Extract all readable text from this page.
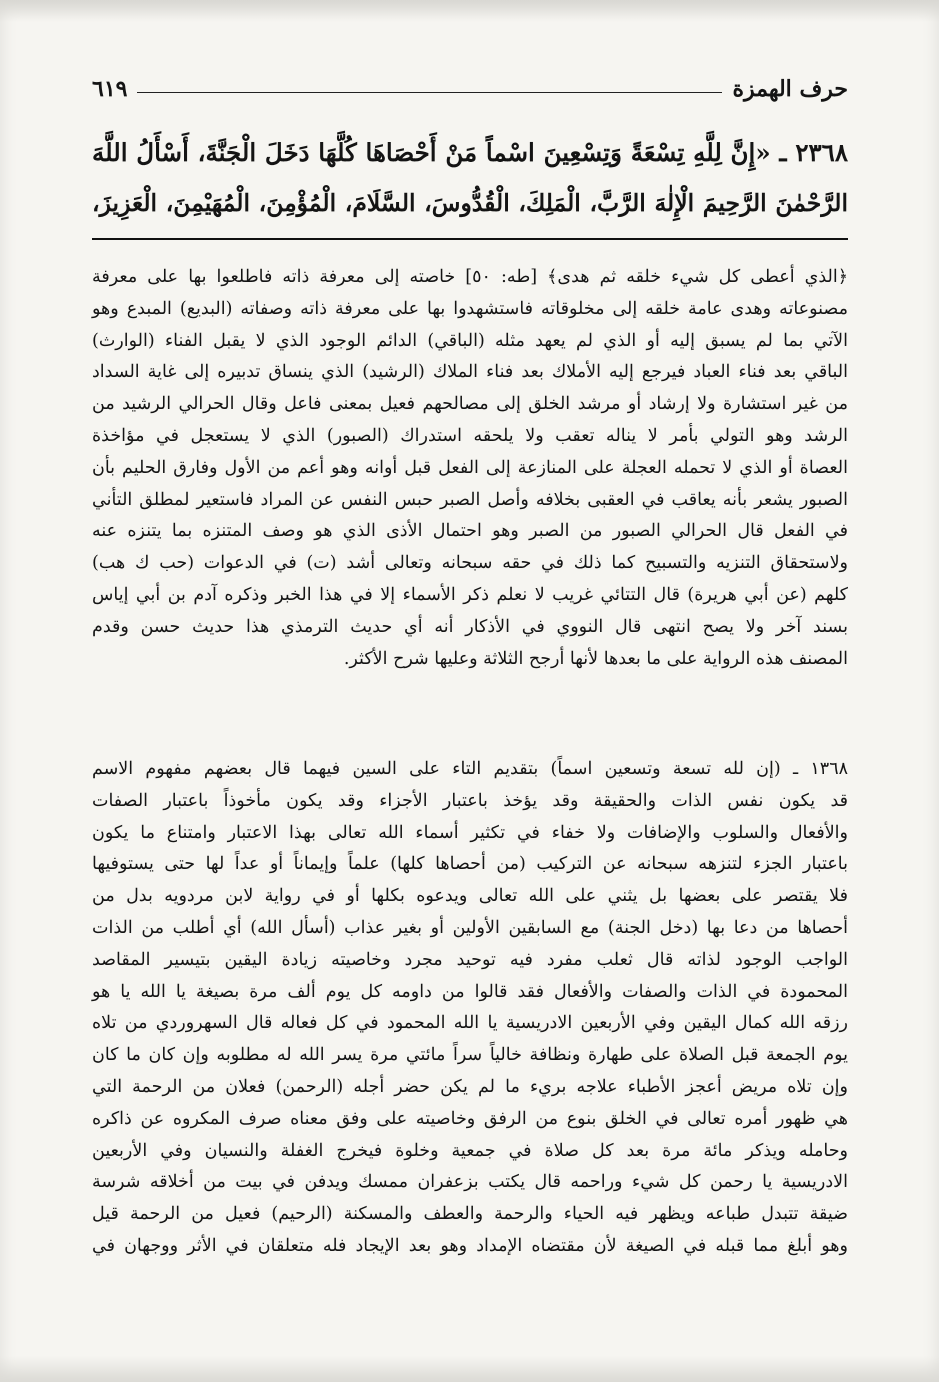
حرف الهمزة
٦١٩

٢٣٦٨ ـ «إِنَّ لِلَّهِ تِسْعَةً وَتِسْعِينَ اسْماً مَنْ أَحْصَاهَا كُلَّهَا دَخَلَ الْجَنَّةَ، أَسْأَلُ اللَّهَ

الرَّحْمٰنَ الرَّحِيمَ الْإِلٰهَ الرَّبَّ، الْمَلِكَ، الْقُدُّوسَ، السَّلَامَ، الْمُؤْمِنَ، الْمُهَيْمِنَ، الْعَزِيزَ،

﴿الذي أعطى كل شيء خلقه ثم هدى﴾ [طه: ٥٠] خاصته إلى معرفة ذاته فاطلعوا بها على معرفة

مصنوعاته وهدى عامة خلقه إلى مخلوقاته فاستشهدوا بها على معرفة ذاته وصفاته (البديع) المبدع وهو

الآتي بما لم يسبق إليه أو الذي لم يعهد مثله (الباقي) الدائم الوجود الذي لا يقبل الفناء (الوارث)

الباقي بعد فناء العباد فيرجع إليه الأملاك بعد فناء الملاك (الرشيد) الذي ينساق تدبيره إلى غاية السداد

من غير استشارة ولا إرشاد أو مرشد الخلق إلى مصالحهم فعيل بمعنى فاعل وقال الحرالي الرشيد من

الرشد وهو التولي بأمر لا يناله تعقب ولا يلحقه استدراك (الصبور) الذي لا يستعجل في مؤاخذة

العصاة أو الذي لا تحمله العجلة على المنازعة إلى الفعل قبل أوانه وهو أعم من الأول وفارق الحليم بأن

الصبور يشعر بأنه يعاقب في العقبى بخلافه وأصل الصبر حبس النفس عن المراد فاستعير لمطلق التأني

في الفعل قال الحرالي الصبور من الصبر وهو احتمال الأذى الذي هو وصف المتنزه بما يتنزه عنه

ولاستحقاق التنزيه والتسبيح كما ذلك في حقه سبحانه وتعالى أشد (ت) في الدعوات (حب ك هب)

كلهم (عن أبي هريرة) قال التتائي غريب لا نعلم ذكر الأسماء إلا في هذا الخبر وذكره آدم بن أبي إياس

بسند آخر ولا يصح انتهى قال النووي في الأذكار أنه أي حديث الترمذي هذا حديث حسن وقدم

المصنف هذه الرواية على ما بعدها لأنها أرجح الثلاثة وعليها شرح الأكثر.

١٣٦٨ ـ (إن لله تسعة وتسعين اسماً) بتقديم التاء على السين فيهما قال بعضهم مفهوم الاسم

قد يكون نفس الذات والحقيقة وقد يؤخذ باعتبار الأجزاء وقد يكون مأخوذاً باعتبار الصفات

والأفعال والسلوب والإضافات ولا خفاء في تكثير أسماء الله تعالى بهذا الاعتبار وامتناع ما يكون

باعتبار الجزء لتنزهه سبحانه عن التركيب (من أحصاها كلها) علماً وإيماناً أو عداً لها حتى يستوفيها

فلا يقتصر على بعضها بل يثني على الله تعالى ويدعوه بكلها أو في رواية لابن مردويه بدل من

أحصاها من دعا بها (دخل الجنة) مع السابقين الأولين أو بغير عذاب (أسأل الله) أي أطلب من الذات

الواجب الوجود لذاته قال ثعلب مفرد فيه توحيد مجرد وخاصيته زيادة اليقين بتيسير المقاصد

المحمودة في الذات والصفات والأفعال فقد قالوا من داومه كل يوم ألف مرة بصيغة يا الله يا هو

رزقه الله كمال اليقين وفي الأربعين الادريسية يا الله المحمود في كل فعاله قال السهروردي من تلاه

يوم الجمعة قبل الصلاة على طهارة ونظافة خالياً سراً مائتي مرة يسر الله له مطلوبه وإن كان ما كان

وإن تلاه مريض أعجز الأطباء علاجه بريء ما لم يكن حضر أجله (الرحمن) فعلان من الرحمة التي

هي ظهور أمره تعالى في الخلق بنوع من الرفق وخاصيته على وفق معناه صرف المكروه عن ذاكره

وحامله ويذكر مائة مرة بعد كل صلاة في جمعية وخلوة فيخرج الغفلة والنسيان وفي الأربعين

الادريسية يا رحمن كل شيء وراحمه قال يكتب بزعفران ممسك ويدفن في بيت من أخلاقه شرسة

ضيقة تتبدل طباعه ويظهر فيه الحياء والرحمة والعطف والمسكنة (الرحيم) فعيل من الرحمة قيل

وهو أبلغ مما قبله في الصيغة لأن مقتضاه الإمداد وهو بعد الإيجاد فله متعلقان في الأثر ووجهان في
